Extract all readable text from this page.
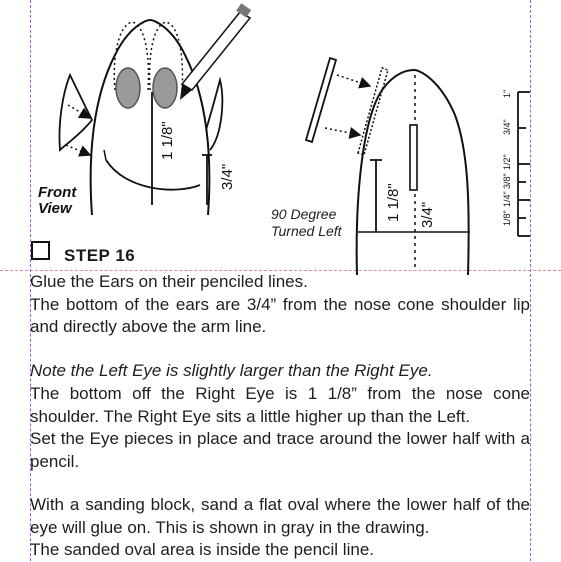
1 1/8"
3/4"
1 1/8" 3/4"
1"
3/4"
1/2"
3/8"
1/4"
1/8"
Front
View	90 Degree
Turned Left
STEP 16

Glue the Ears on their penciled lines.

The bottom of the ears are 3/4” from the nose cone shoulder lip and directly above the arm line.

Note the Left Eye is slightly larger than the Right Eye.

The bottom off the Right Eye is 1 1/8” from the nose cone shoulder. The Right Eye sits a little higher up than the Left.

Set the Eye pieces in place and trace around the lower half with a pencil.

With a sanding block, sand a flat oval where the lower half of the eye will glue on. This is shown in gray in the drawing.

The sanded oval area is inside the pencil line.
